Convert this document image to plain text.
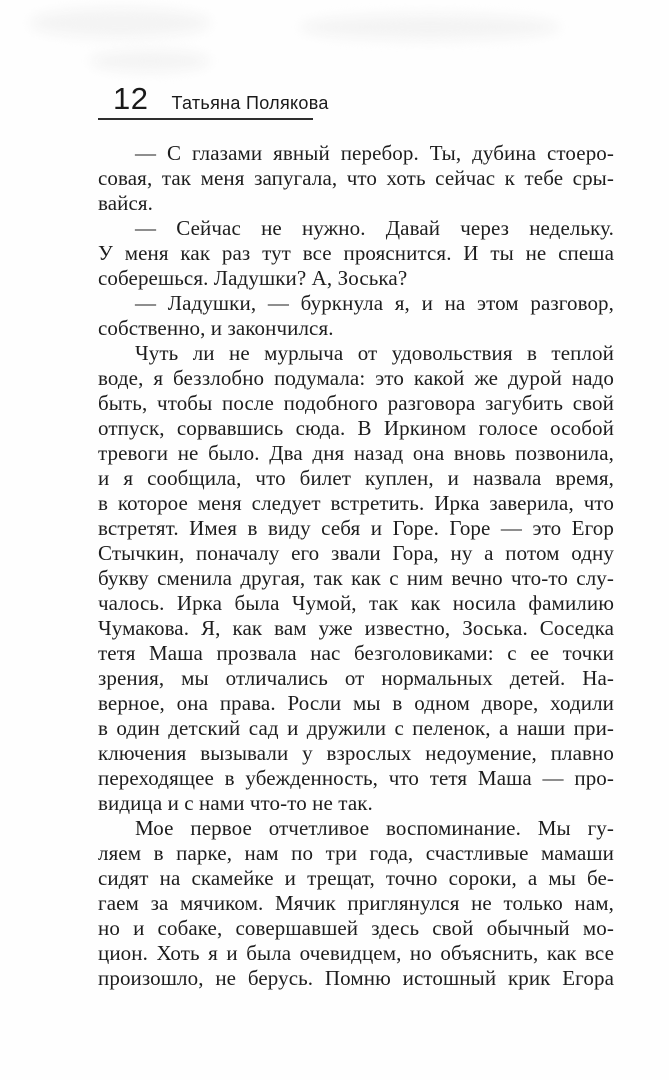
12 Татьяна Полякова
— С глазами явный перебор. Ты, дубина стоеро-
совая, так меня запугала, что хоть сейчас к тебе сры-
вайся.
— Сейчас не нужно. Давай через недельку.
У меня как раз тут все прояснится. И ты не спеша
соберешься. Ладушки? А, Зоська?
— Ладушки, — буркнула я, и на этом разговор,
собственно, и закончился.
Чуть ли не мурлыча от удовольствия в теплой
воде, я беззлобно подумала: это какой же дурой надо
быть, чтобы после подобного разговора загубить свой
отпуск, сорвавшись сюда. В Иркином голосе особой
тревоги не было. Два дня назад она вновь позвонила,
и я сообщила, что билет куплен, и назвала время,
в которое меня следует встретить. Ирка заверила, что
встретят. Имея в виду себя и Горе. Горе — это Егор
Стычкин, поначалу его звали Гора, ну а потом одну
букву сменила другая, так как с ним вечно что-то слу-
чалось. Ирка была Чумой, так как носила фамилию
Чумакова. Я, как вам уже известно, Зоська. Соседка
тетя Маша прозвала нас безголовиками: с ее точки
зрения, мы отличались от нормальных детей. На-
верное, она права. Росли мы в одном дворе, ходили
в один детский сад и дружили с пеленок, а наши при-
ключения вызывали у взрослых недоумение, плавно
переходящее в убежденность, что тетя Маша — про-
видица и с нами что-то не так.
Мое первое отчетливое воспоминание. Мы гу-
ляем в парке, нам по три года, счастливые мамаши
сидят на скамейке и трещат, точно сороки, а мы бе-
гаем за мячиком. Мячик приглянулся не только нам,
но и собаке, совершавшей здесь свой обычный мо-
цион. Хоть я и была очевидцем, но объяснить, как все
произошло, не берусь. Помню истошный крик Егора
